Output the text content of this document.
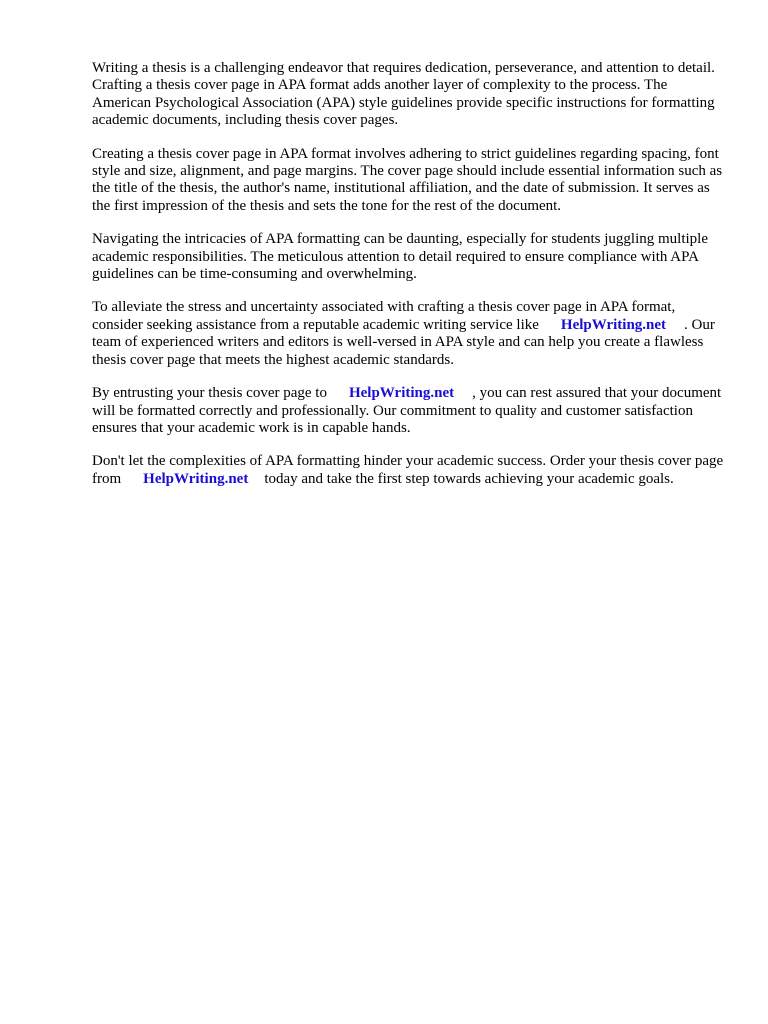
Writing a thesis is a challenging endeavor that requires dedication, perseverance, and attention to detail. Crafting a thesis cover page in APA format adds another layer of complexity to the process. The American Psychological Association (APA) style guidelines provide specific instructions for formatting academic documents, including thesis cover pages.

Creating a thesis cover page in APA format involves adhering to strict guidelines regarding spacing, font style and size, alignment, and page margins. The cover page should include essential information such as the title of the thesis, the author's name, institutional affiliation, and the date of submission. It serves as the first impression of the thesis and sets the tone for the rest of the document.

Navigating the intricacies of APA formatting can be daunting, especially for students juggling multiple academic responsibilities. The meticulous attention to detail required to ensure compliance with APA guidelines can be time-consuming and overwhelming.

To alleviate the stress and uncertainty associated with crafting a thesis cover page in APA format, consider seeking assistance from a reputable academic writing service like HelpWriting.net . Our team of experienced writers and editors is well-versed in APA style and can help you create a flawless thesis cover page that meets the highest academic standards.

By entrusting your thesis cover page to HelpWriting.net , you can rest assured that your document will be formatted correctly and professionally. Our commitment to quality and customer satisfaction ensures that your academic work is in capable hands.

Don't let the complexities of APA formatting hinder your academic success. Order your thesis cover page from HelpWriting.net today and take the first step towards achieving your academic goals.
